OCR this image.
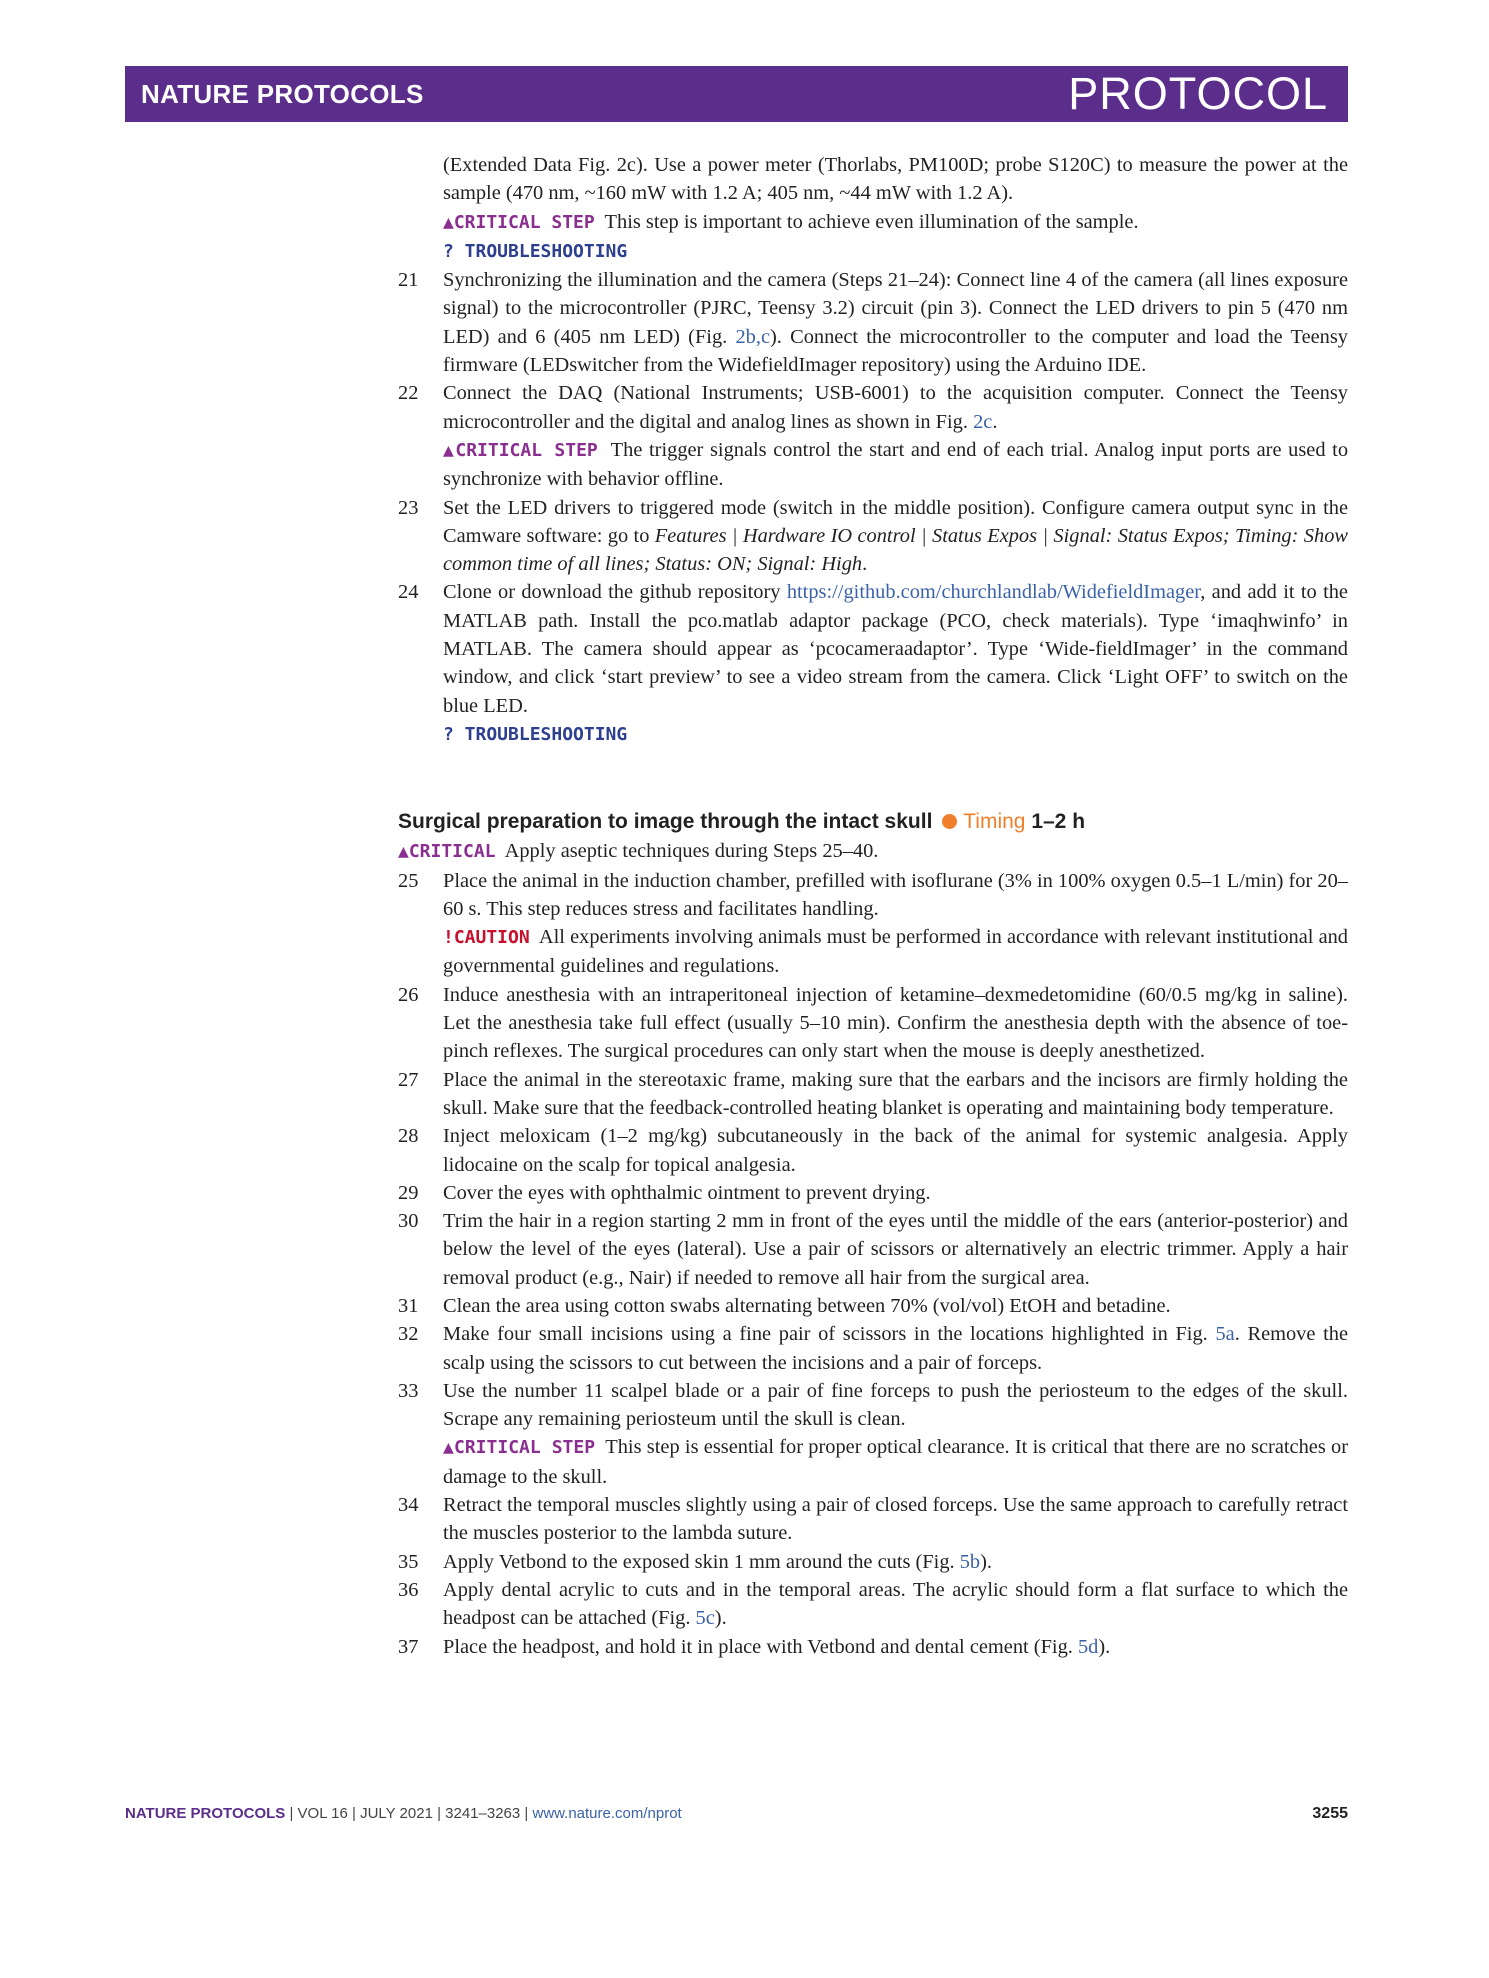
NATURE PROTOCOLS	PROTOCOL

(Extended Data Fig. 2c). Use a power meter (Thorlabs, PM100D; probe S120C) to measure the power at the sample (470 nm, ~160 mW with 1.2 A; 405 nm, ~44 mW with 1.2 A).

▲CRITICAL STEP This step is important to achieve even illumination of the sample.

? TROUBLESHOOTING

21 Synchronizing the illumination and the camera (Steps 21–24): Connect line 4 of the camera (all lines exposure signal) to the microcontroller (PJRC, Teensy 3.2) circuit (pin 3). Connect the LED drivers to pin 5 (470 nm LED) and 6 (405 nm LED) (Fig. 2b,c). Connect the microcontroller to the computer and load the Teensy firmware (LEDswitcher from the WidefieldImager repository) using the Arduino IDE.
22 Connect the DAQ (National Instruments; USB-6001) to the acquisition computer. Connect the Teensy microcontroller and the digital and analog lines as shown in Fig. 2c.

▲CRITICAL STEP The trigger signals control the start and end of each trial. Analog input ports are used to synchronize with behavior offline.

23 Set the LED drivers to triggered mode (switch in the middle position). Configure camera output sync in the Camware software: go to Features | Hardware IO control | Status Expos | Signal: Status Expos; Timing: Show common time of all lines; Status: ON; Signal: High.
24 Clone or download the github repository https://github.com/churchlandlab/WidefieldImager, and add it to the MATLAB path. Install the pco.matlab adaptor package (PCO, check materials). Type ‘imaqhwinfo’ in MATLAB. The camera should appear as ‘pcocameraadaptor’. Type ‘Wide-fieldImager’ in the command window, and click ‘start preview’ to see a video stream from the camera. Click ‘Light OFF’ to switch on the blue LED.

? TROUBLESHOOTING

Surgical preparation to image through the intact skull Timing 1–2 h

▲CRITICAL Apply aseptic techniques during Steps 25–40.

25 Place the animal in the induction chamber, prefilled with isoflurane (3% in 100% oxygen 0.5–1 L/min) for 20–60 s. This step reduces stress and facilitates handling.

!CAUTION All experiments involving animals must be performed in accordance with relevant institutional and governmental guidelines and regulations.

26 Induce anesthesia with an intraperitoneal injection of ketamine–dexmedetomidine (60/0.5 mg/kg in saline). Let the anesthesia take full effect (usually 5–10 min). Confirm the anesthesia depth with the absence of toe-pinch reflexes. The surgical procedures can only start when the mouse is deeply anesthetized.
27 Place the animal in the stereotaxic frame, making sure that the earbars and the incisors are firmly holding the skull. Make sure that the feedback-controlled heating blanket is operating and maintaining body temperature.
28 Inject meloxicam (1–2 mg/kg) subcutaneously in the back of the animal for systemic analgesia. Apply lidocaine on the scalp for topical analgesia.
29 Cover the eyes with ophthalmic ointment to prevent drying.
30 Trim the hair in a region starting 2 mm in front of the eyes until the middle of the ears (anterior-posterior) and below the level of the eyes (lateral). Use a pair of scissors or alternatively an electric trimmer. Apply a hair removal product (e.g., Nair) if needed to remove all hair from the surgical area.
31 Clean the area using cotton swabs alternating between 70% (vol/vol) EtOH and betadine.
32 Make four small incisions using a fine pair of scissors in the locations highlighted in Fig. 5a. Remove the scalp using the scissors to cut between the incisions and a pair of forceps.
33 Use the number 11 scalpel blade or a pair of fine forceps to push the periosteum to the edges of the skull. Scrape any remaining periosteum until the skull is clean.

▲CRITICAL STEP This step is essential for proper optical clearance. It is critical that there are no scratches or damage to the skull.

34 Retract the temporal muscles slightly using a pair of closed forceps. Use the same approach to carefully retract the muscles posterior to the lambda suture.
35 Apply Vetbond to the exposed skin 1 mm around the cuts (Fig. 5b).
36 Apply dental acrylic to cuts and in the temporal areas. The acrylic should form a flat surface to which the headpost can be attached (Fig. 5c).
37 Place the headpost, and hold it in place with Vetbond and dental cement (Fig. 5d).
NATURE PROTOCOLS | VOL 16 | JULY 2021 | 3241–3263 | www.nature.com/nprot	3255
